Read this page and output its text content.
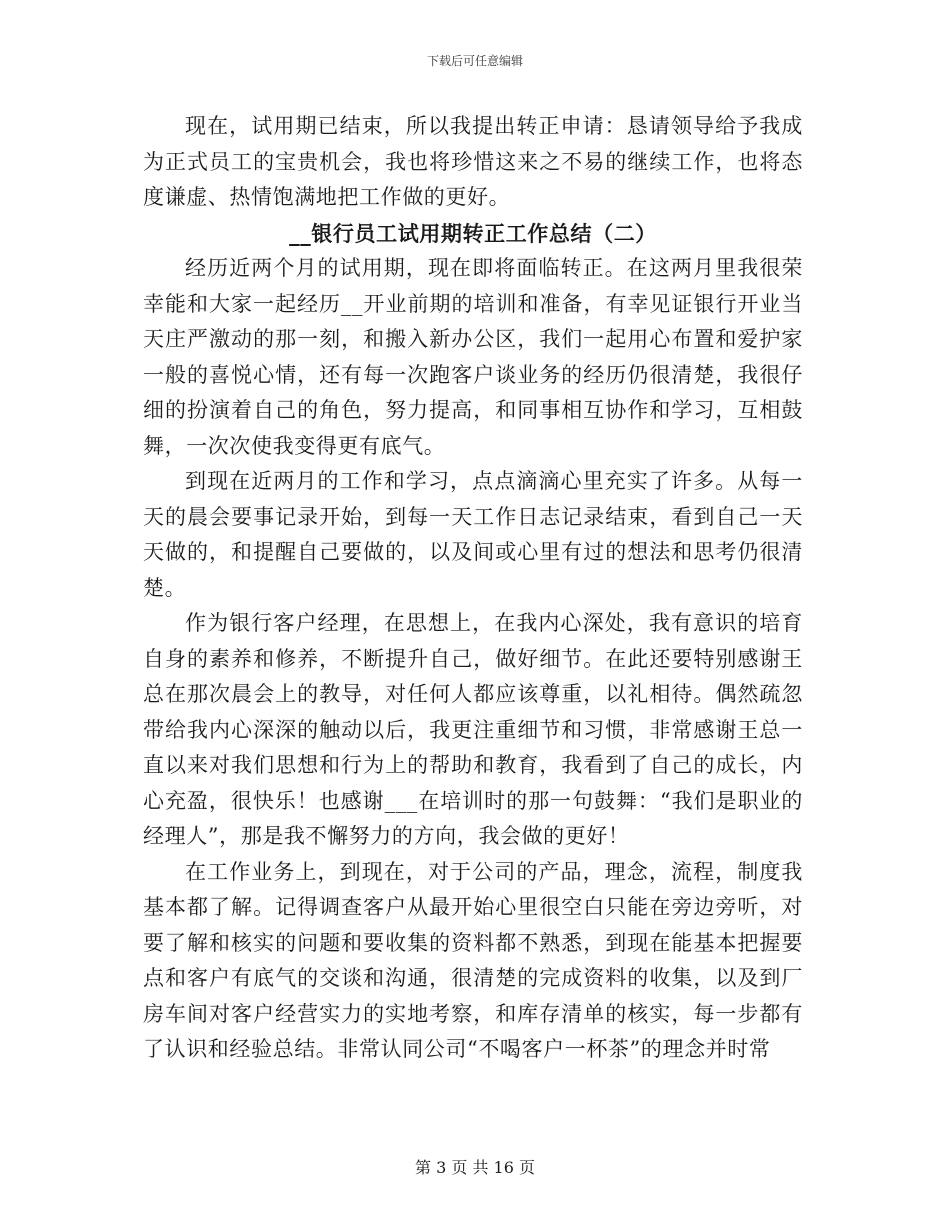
下载后可任意编辑

现在，试用期已结束，所以我提出转正申请：恳请领导给予我成为正式员工的宝贵机会，我也将珍惜这来之不易的继续工作，也将态度谦虚、热情饱满地把工作做的更好。

__银行员工试用期转正工作总结（二）

经历近两个月的试用期，现在即将面临转正。在这两月里我很荣幸能和大家一起经历__开业前期的培训和准备，有幸见证银行开业当天庄严激动的那一刻，和搬入新办公区，我们一起用心布置和爱护家一般的喜悦心情，还有每一次跑客户谈业务的经历仍很清楚，我很仔细的扮演着自己的角色，努力提高，和同事相互协作和学习，互相鼓舞，一次次使我变得更有底气。

到现在近两月的工作和学习，点点滴滴心里充实了许多。从每一天的晨会要事记录开始，到每一天工作日志记录结束，看到自己一天天做的，和提醒自己要做的，以及间或心里有过的想法和思考仍很清楚。

作为银行客户经理，在思想上，在我内心深处，我有意识的培育自身的素养和修养，不断提升自己，做好细节。在此还要特别感谢王总在那次晨会上的教导，对任何人都应该尊重，以礼相待。偶然疏忽带给我内心深深的触动以后，我更注重细节和习惯，非常感谢王总一直以来对我们思想和行为上的帮助和教育，我看到了自己的成长，内心充盈，很快乐！也感谢___在培训时的那一句鼓舞：“我们是职业的经理人”，那是我不懈努力的方向，我会做的更好！

在工作业务上，到现在，对于公司的产品，理念，流程，制度我基本都了解。记得调查客户从最开始心里很空白只能在旁边旁听，对要了解和核实的问题和要收集的资料都不熟悉，到现在能基本把握要点和客户有底气的交谈和沟通，很清楚的完成资料的收集，以及到厂房车间对客户经营实力的实地考察，和库存清单的核实，每一步都有了认识和经验总结。非常认同公司“不喝客户一杯茶”的理念并时常

第 3 页 共 16 页
